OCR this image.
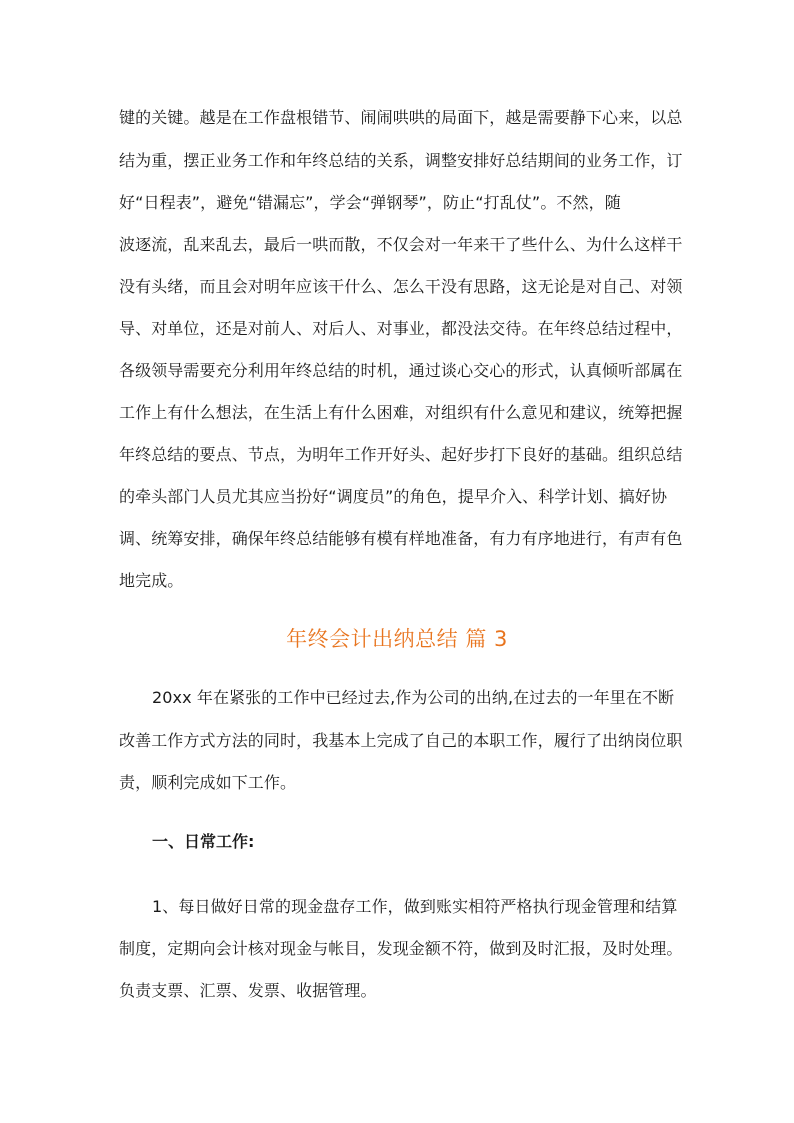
键的关键。越是在工作盘根错节、闹闹哄哄的局面下，越是需要静下心来，以总
结为重，摆正业务工作和年终总结的关系，调整安排好总结期间的业务工作，订
好“日程表”，避免“错漏忘”，学会“弹钢琴”，防止“打乱仗”。不然，随
波逐流，乱来乱去，最后一哄而散，不仅会对一年来干了些什么、为什么这样干
没有头绪，而且会对明年应该干什么、怎么干没有思路，这无论是对自己、对领
导、对单位，还是对前人、对后人、对事业，都没法交待。在年终总结过程中，
各级领导需要充分利用年终总结的时机，通过谈心交心的形式，认真倾听部属在
工作上有什么想法，在生活上有什么困难，对组织有什么意见和建议，统筹把握
年终总结的要点、节点，为明年工作开好头、起好步打下良好的基础。组织总结
的牵头部门人员尤其应当扮好“调度员”的角色，提早介入、科学计划、搞好协
调、统筹安排，确保年终总结能够有模有样地准备，有力有序地进行，有声有色
地完成。
年终会计出纳总结 篇 3
20xx 年在紧张的工作中已经过去,作为公司的出纳,在过去的一年里在不断
改善工作方式方法的同时，我基本上完成了自己的本职工作，履行了出纳岗位职
责，顺利完成如下工作。
一、日常工作:
1、每日做好日常的现金盘存工作，做到账实相符严格执行现金管理和结算
制度，定期向会计核对现金与帐目，发现金额不符，做到及时汇报，及时处理。
负责支票、汇票、发票、收据管理。
